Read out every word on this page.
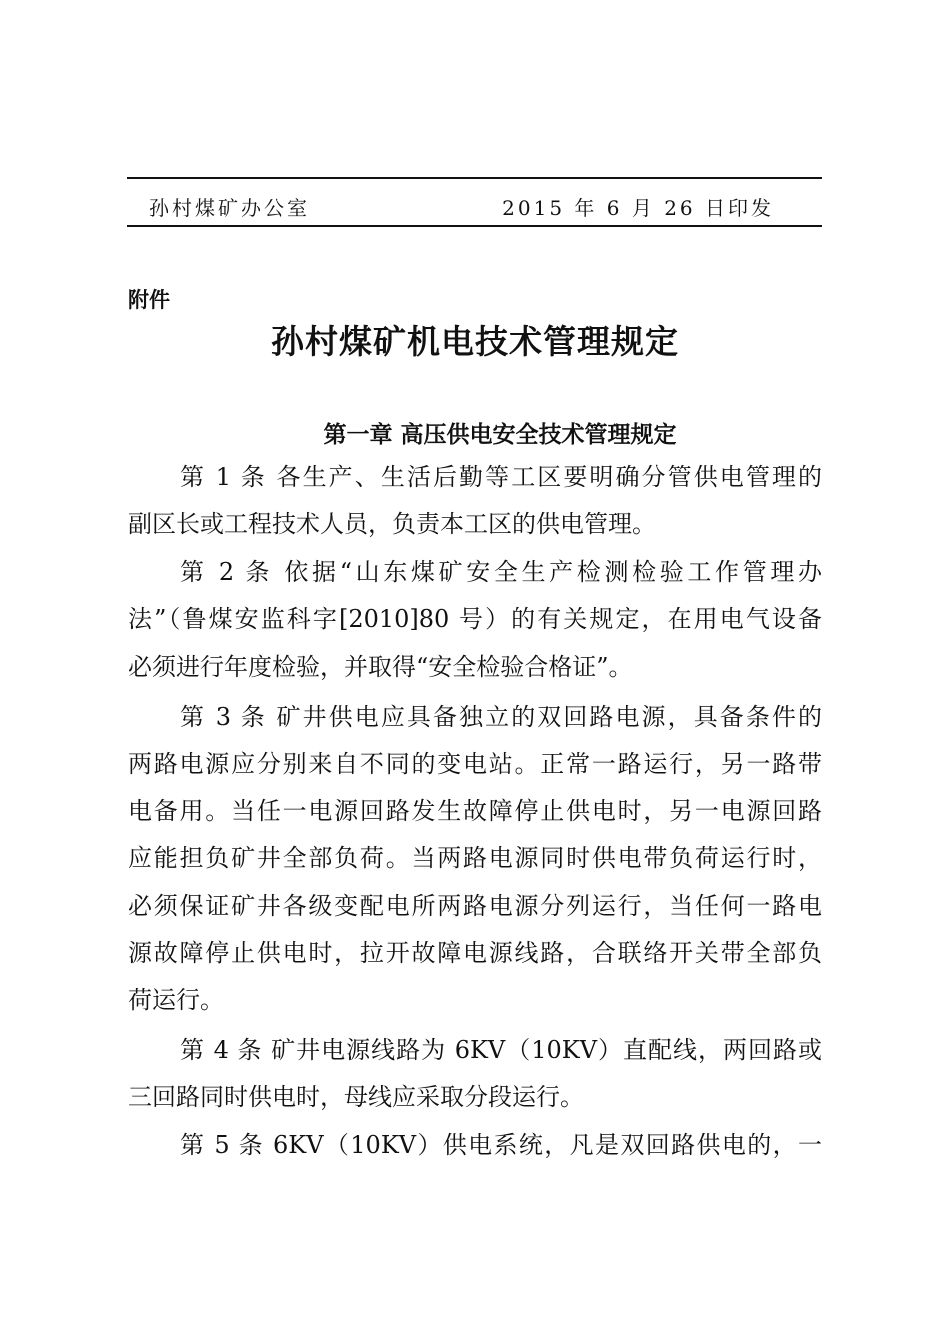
孙村煤矿办公室	2015 年 6 月 26 日印发
附件
孙村煤矿机电技术管理规定
第一章 高压供电安全技术管理规定
第 1 条 各生产、生活后勤等工区要明确分管供电管理的
副区长或工程技术人员，负责本工区的供电管理。
第 2 条 依据“山东煤矿安全生产检测检验工作管理办
法”（鲁煤安监科字[2010]80 号）的有关规定，在用电气设备
必须进行年度检验，并取得“安全检验合格证”。
第 3 条 矿井供电应具备独立的双回路电源，具备条件的
两路电源应分别来自不同的变电站。正常一路运行，另一路带
电备用。当任一电源回路发生故障停止供电时，另一电源回路
应能担负矿井全部负荷。当两路电源同时供电带负荷运行时，
必须保证矿井各级变配电所两路电源分列运行，当任何一路电
源故障停止供电时，拉开故障电源线路，合联络开关带全部负
荷运行。
第 4 条 矿井电源线路为 6KV（10KV）直配线，两回路或
三回路同时供电时，母线应采取分段运行。
第 5 条 6KV（10KV）供电系统，凡是双回路供电的，一
